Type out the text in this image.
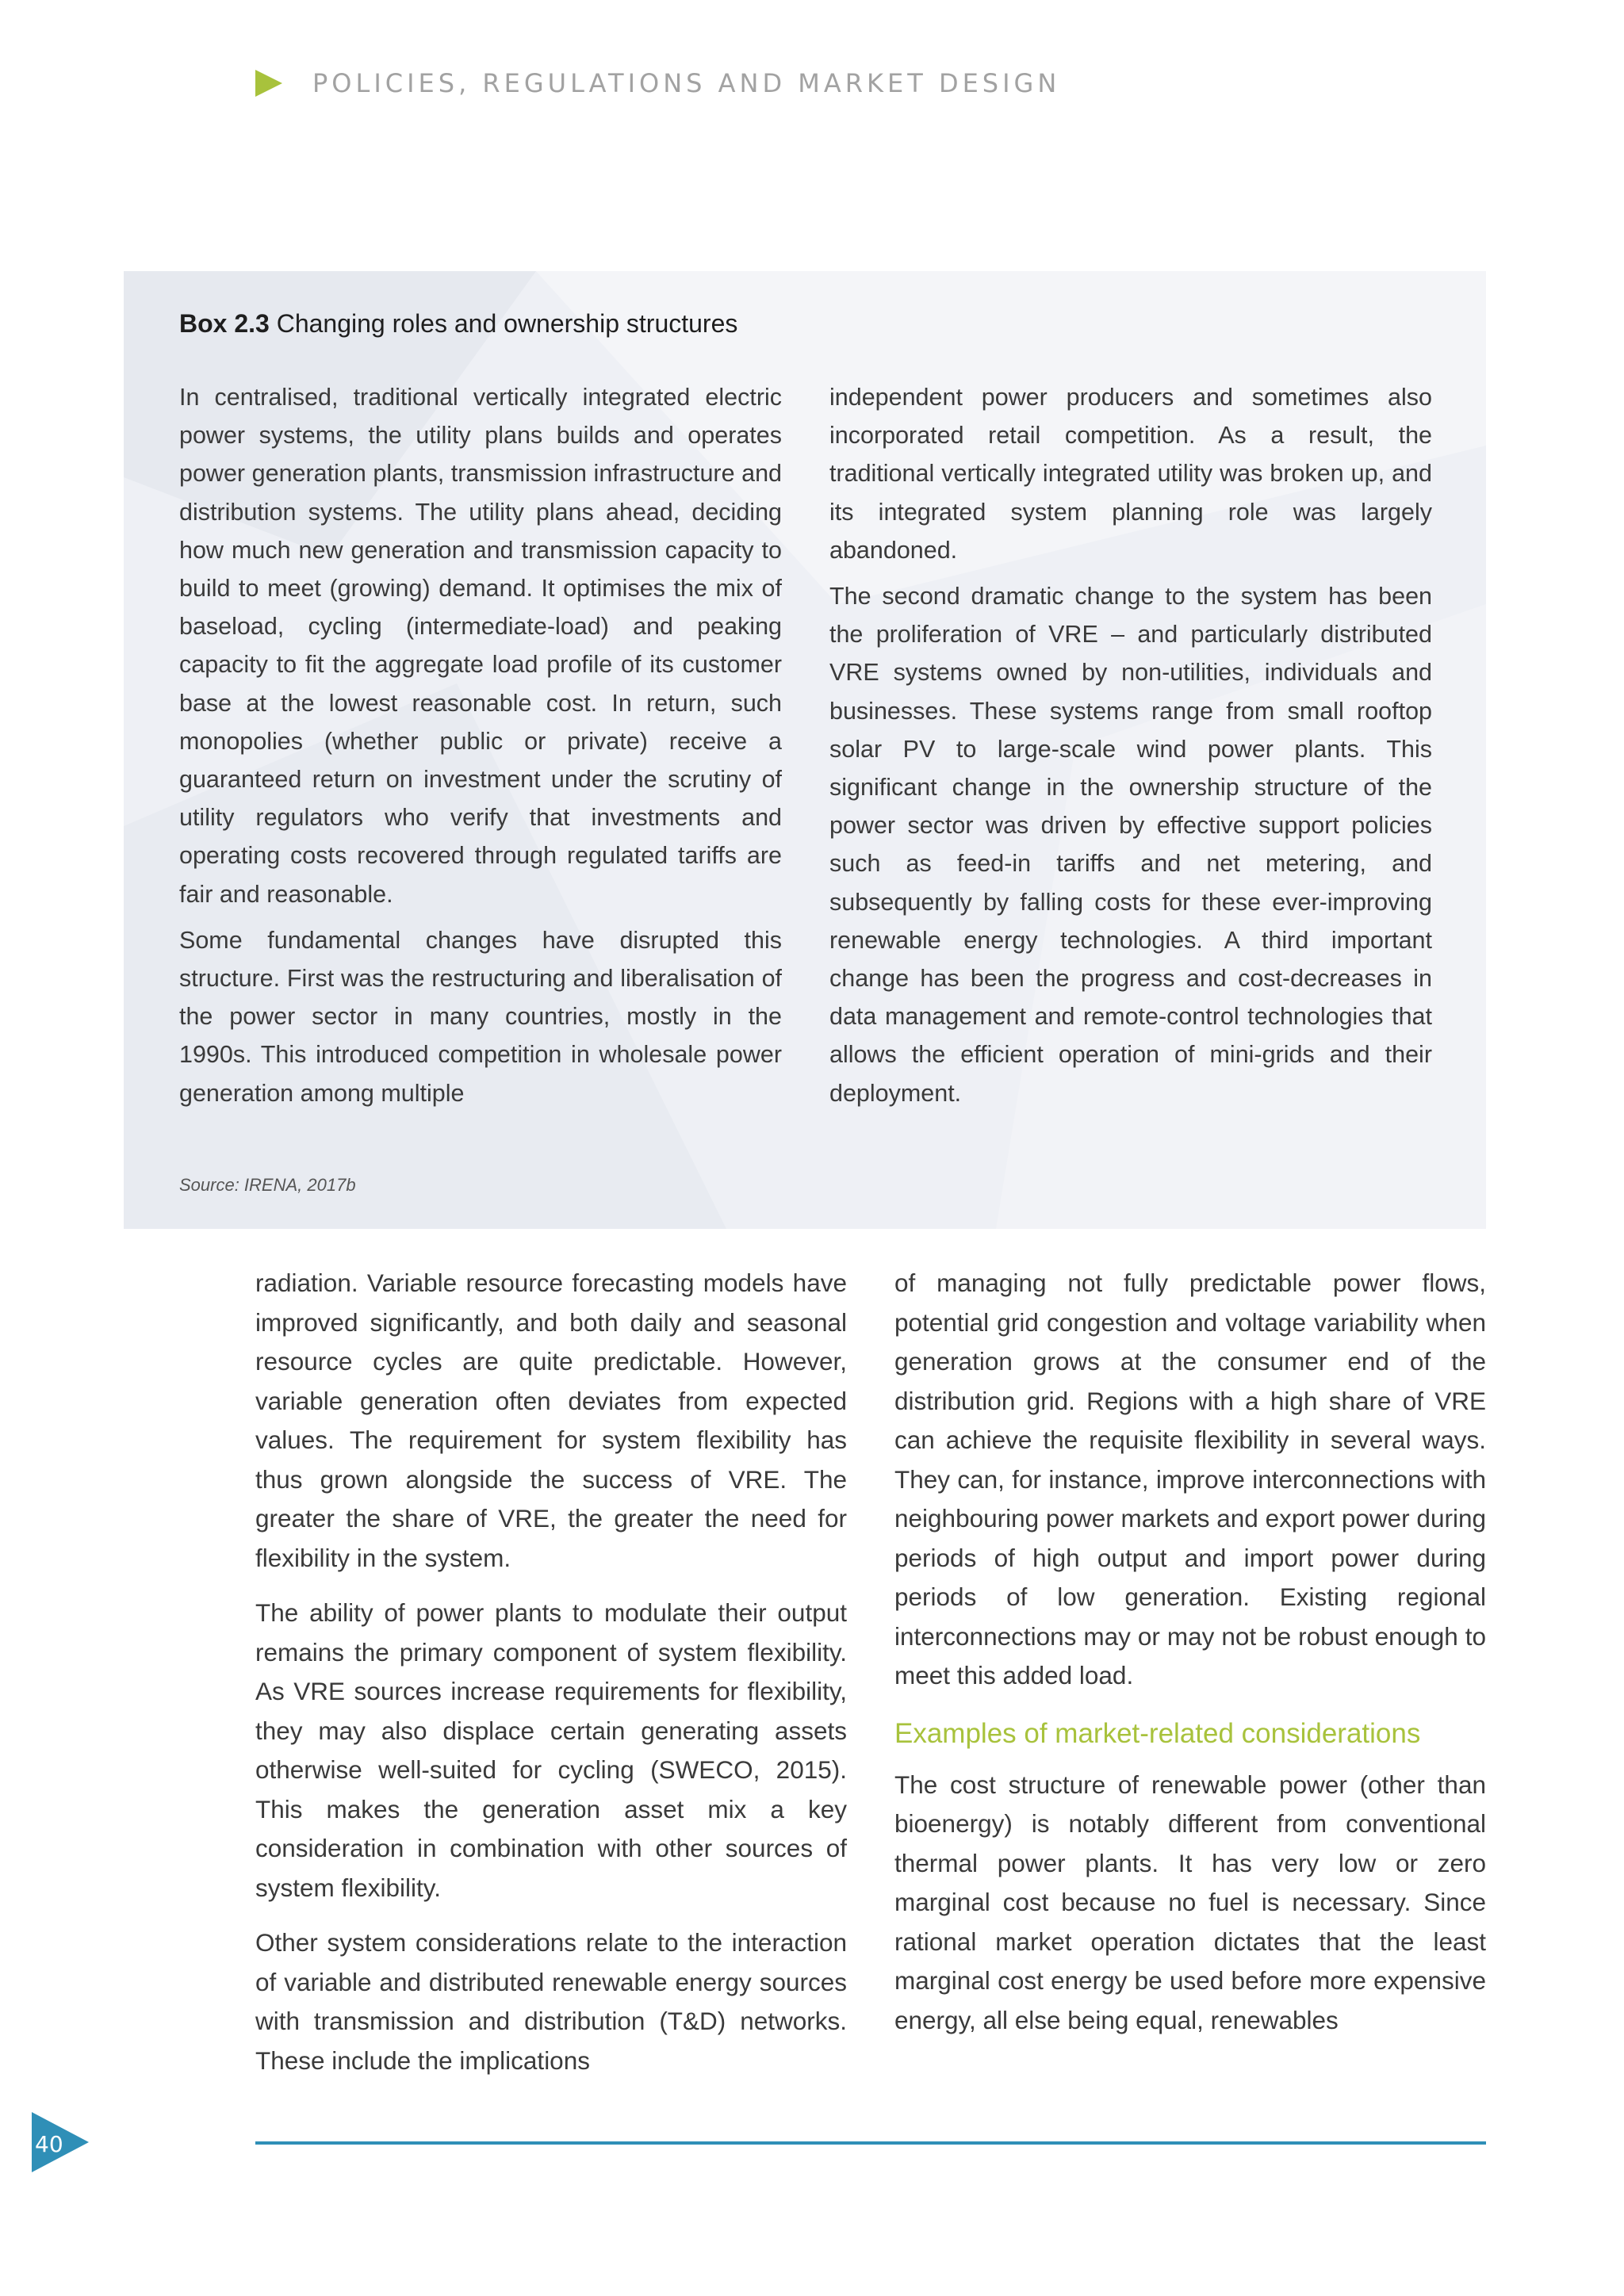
POLICIES, REGULATIONS AND MARKET DESIGN
Box 2.3 Changing roles and ownership structures

In centralised, traditional vertically integrated electric power systems, the utility plans builds and operates power generation plants, transmission infrastructure and distribution systems. The utility plans ahead, deciding how much new generation and transmission capacity to build to meet (growing) demand. It optimises the mix of baseload, cycling (intermediate-load) and peaking capacity to fit the aggregate load profile of its customer base at the lowest reasonable cost. In return, such monopolies (whether public or private) receive a guaranteed return on investment under the scrutiny of utility regulators who verify that investments and operating costs recovered through regulated tariffs are fair and reasonable.

Some fundamental changes have disrupted this structure. First was the restructuring and liberalisation of the power sector in many countries, mostly in the 1990s. This introduced competition in wholesale power generation among multiple

independent power producers and sometimes also incorporated retail competition. As a result, the traditional vertically integrated utility was broken up, and its integrated system planning role was largely abandoned.

The second dramatic change to the system has been the proliferation of VRE – and particularly distributed VRE systems owned by non-utilities, individuals and businesses. These systems range from small rooftop solar PV to large-scale wind power plants. This significant change in the ownership structure of the power sector was driven by effective support policies such as feed-in tariffs and net metering, and subsequently by falling costs for these ever-improving renewable energy technologies. A third important change has been the progress and cost-decreases in data management and remote-control technologies that allows the efficient operation of mini-grids and their deployment.

Source: IRENA, 2017b

radiation. Variable resource forecasting models have improved significantly, and both daily and seasonal resource cycles are quite predictable. However, variable generation often deviates from expected values. The requirement for system flexibility has thus grown alongside the success of VRE. The greater the share of VRE, the greater the need for flexibility in the system.

The ability of power plants to modulate their output remains the primary component of system flexibility. As VRE sources increase requirements for flexibility, they may also displace certain generating assets otherwise well-suited for cycling (SWECO, 2015). This makes the generation asset mix a key consideration in combination with other sources of system flexibility.

Other system considerations relate to the interaction of variable and distributed renewable energy sources with transmission and distribution (T&D) networks. These include the implications

of managing not fully predictable power flows, potential grid congestion and voltage variability when generation grows at the consumer end of the distribution grid. Regions with a high share of VRE can achieve the requisite flexibility in several ways. They can, for instance, improve interconnections with neighbouring power markets and export power during periods of high output and import power during periods of low generation. Existing regional interconnections may or may not be robust enough to meet this added load.

Examples of market-related considerations

The cost structure of renewable power (other than bioenergy) is notably different from conventional thermal power plants. It has very low or zero marginal cost because no fuel is necessary. Since rational market operation dictates that the least marginal cost energy be used before more expensive energy, all else being equal, renewables

40
